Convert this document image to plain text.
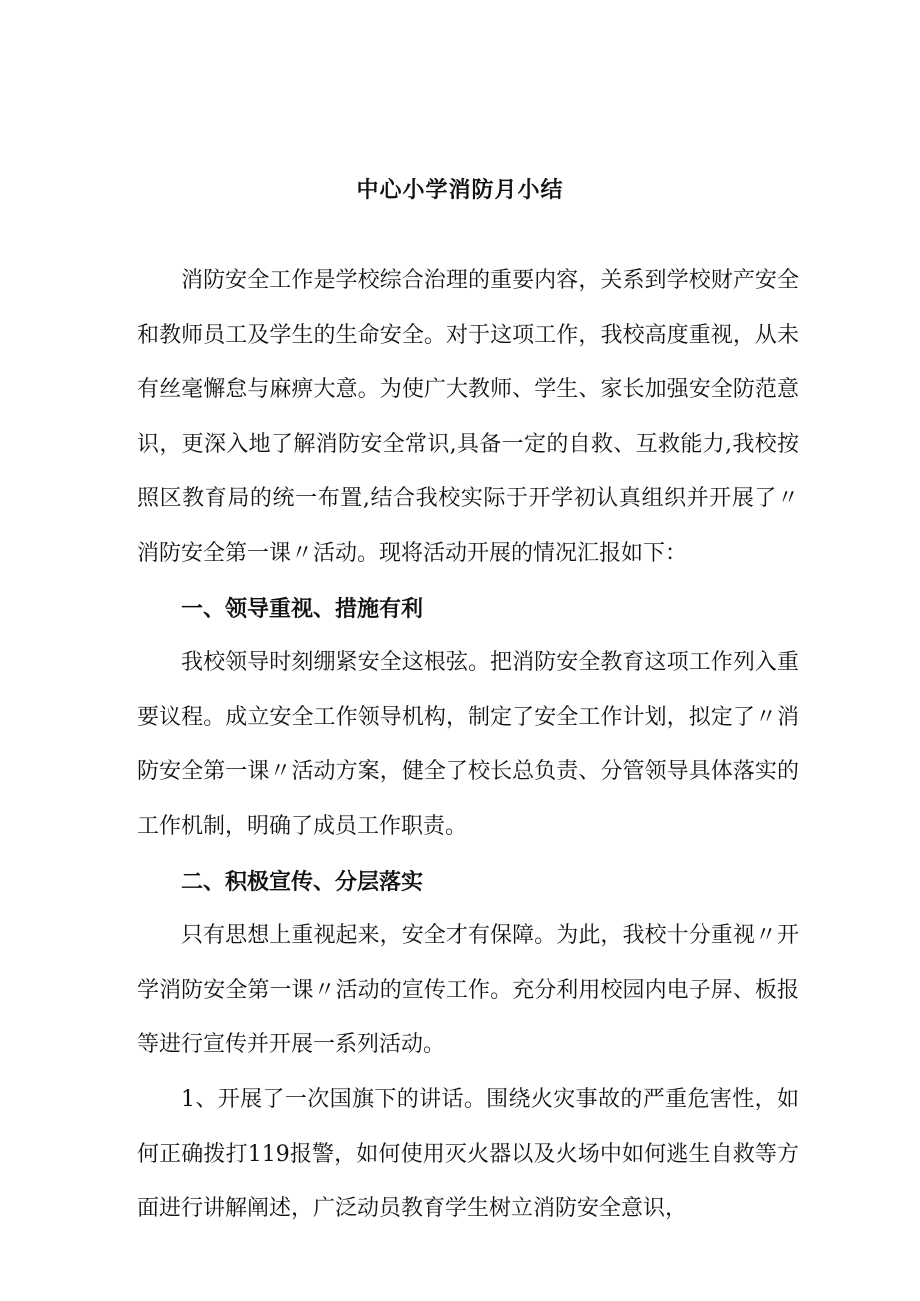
中心小学消防月小结

消防安全工作是学校综合治理的重要内容，关系到学校财产安全和教师员工及学生的生命安全。对于这项工作，我校高度重视，从未有丝毫懈怠与麻痹大意。为使广大教师、学生、家长加强安全防范意识，更深入地了解消防安全常识,具备一定的自救、互救能力,我校按照区教育局的统一布置,结合我校实际于开学初认真组织并开展了〃消防安全第一课〃活动。现将活动开展的情况汇报如下：

一、领导重视、措施有利

我校领导时刻绷紧安全这根弦。把消防安全教育这项工作列入重要议程。成立安全工作领导机构，制定了安全工作计划，拟定了〃消防安全第一课〃活动方案，健全了校长总负责、分管领导具体落实的工作机制，明确了成员工作职责。

二、积极宣传、分层落实

只有思想上重视起来，安全才有保障。为此，我校十分重视〃开学消防安全第一课〃活动的宣传工作。充分利用校园内电子屏、板报等进行宣传并开展一系列活动。

1、开展了一次国旗下的讲话。围绕火灾事故的严重危害性，如何正确拨打119报警，如何使用灭火器以及火场中如何逃生自救等方面进行讲解阐述，广泛动员教育学生树立消防安全意识，
